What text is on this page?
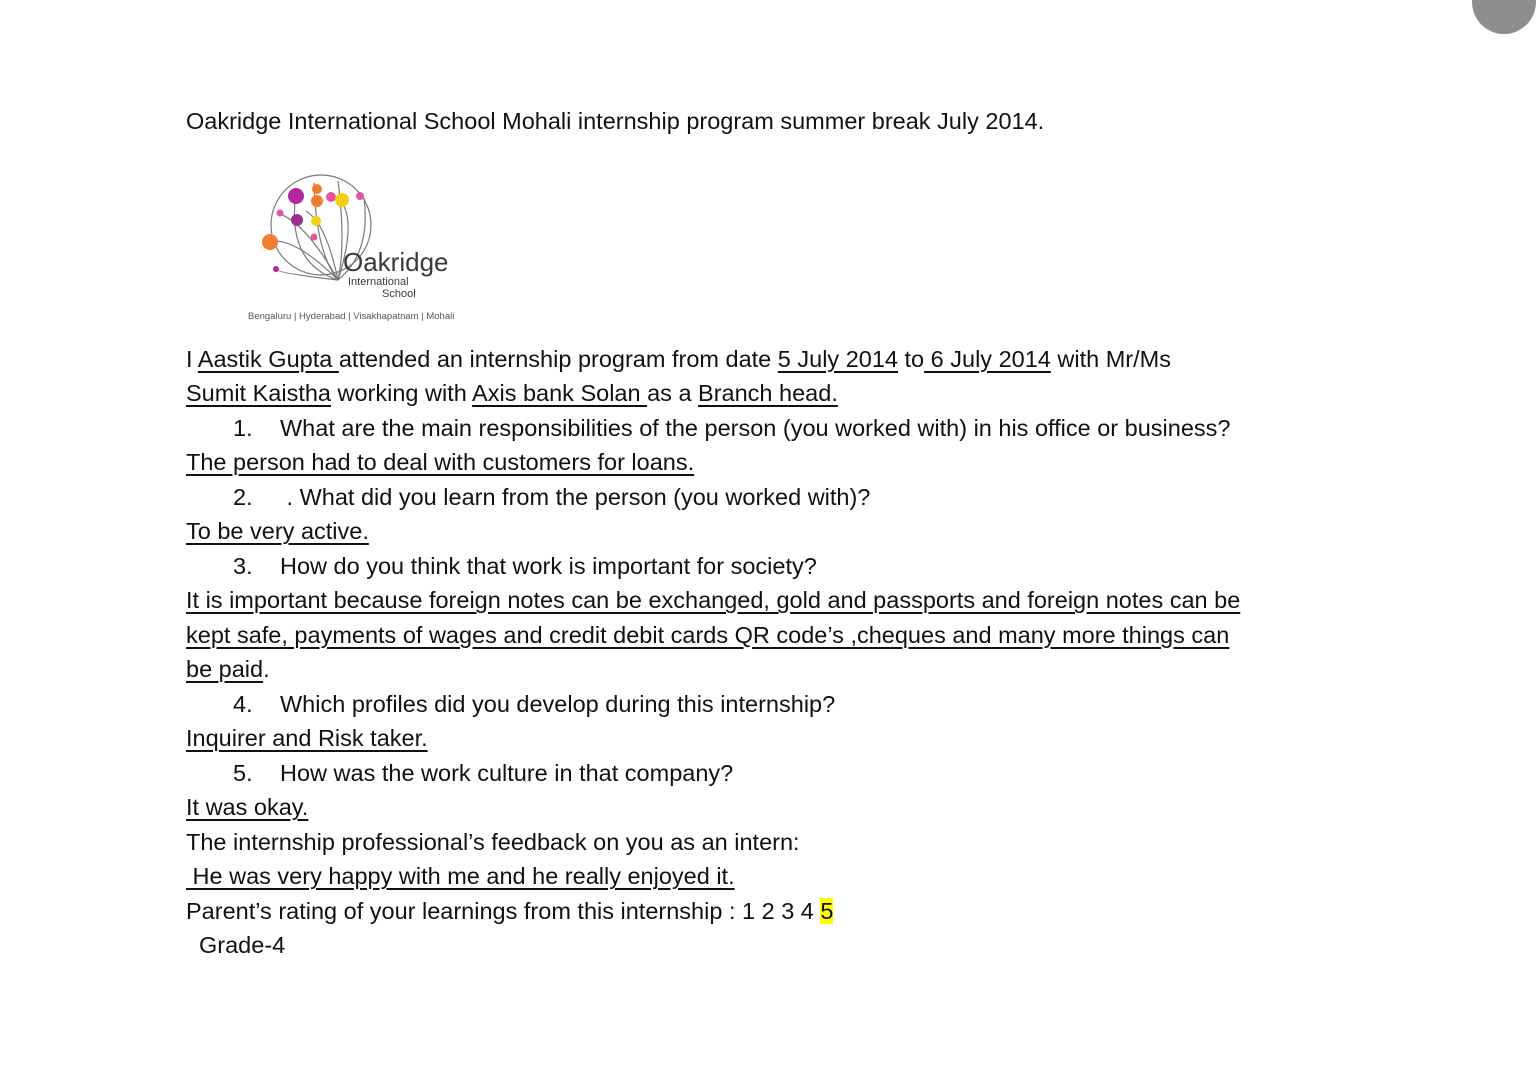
Oakridge International School Mohali internship program summer break July 2014.
Oakridge
International
School
Bengaluru | Hyderabad | Visakhapatnam | Mohali
I Aastik Gupta attended an internship program from date 5 July 2014 to 6 July 2014 with Mr/Ms
Sumit Kaistha working with Axis bank Solan as a Branch head.
1. What are the main responsibilities of the person (you worked with) in his office or business?
The person had to deal with customers for loans.
2. . What did you learn from the person (you worked with)?
To be very active.
3. How do you think that work is important for society?
It is important because foreign notes can be exchanged, gold and passports and foreign notes can be
kept safe, payments of wages and credit debit cards QR code’s ,cheques and many more things can
be paid.
4. Which profiles did you develop during this internship?
Inquirer and Risk taker.
5. How was the work culture in that company?
It was okay.
The internship professional’s feedback on you as an intern:
He was very happy with me and he really enjoyed it.
Parent’s rating of your learnings from this internship : 1 2 3 4 5
Grade-4
